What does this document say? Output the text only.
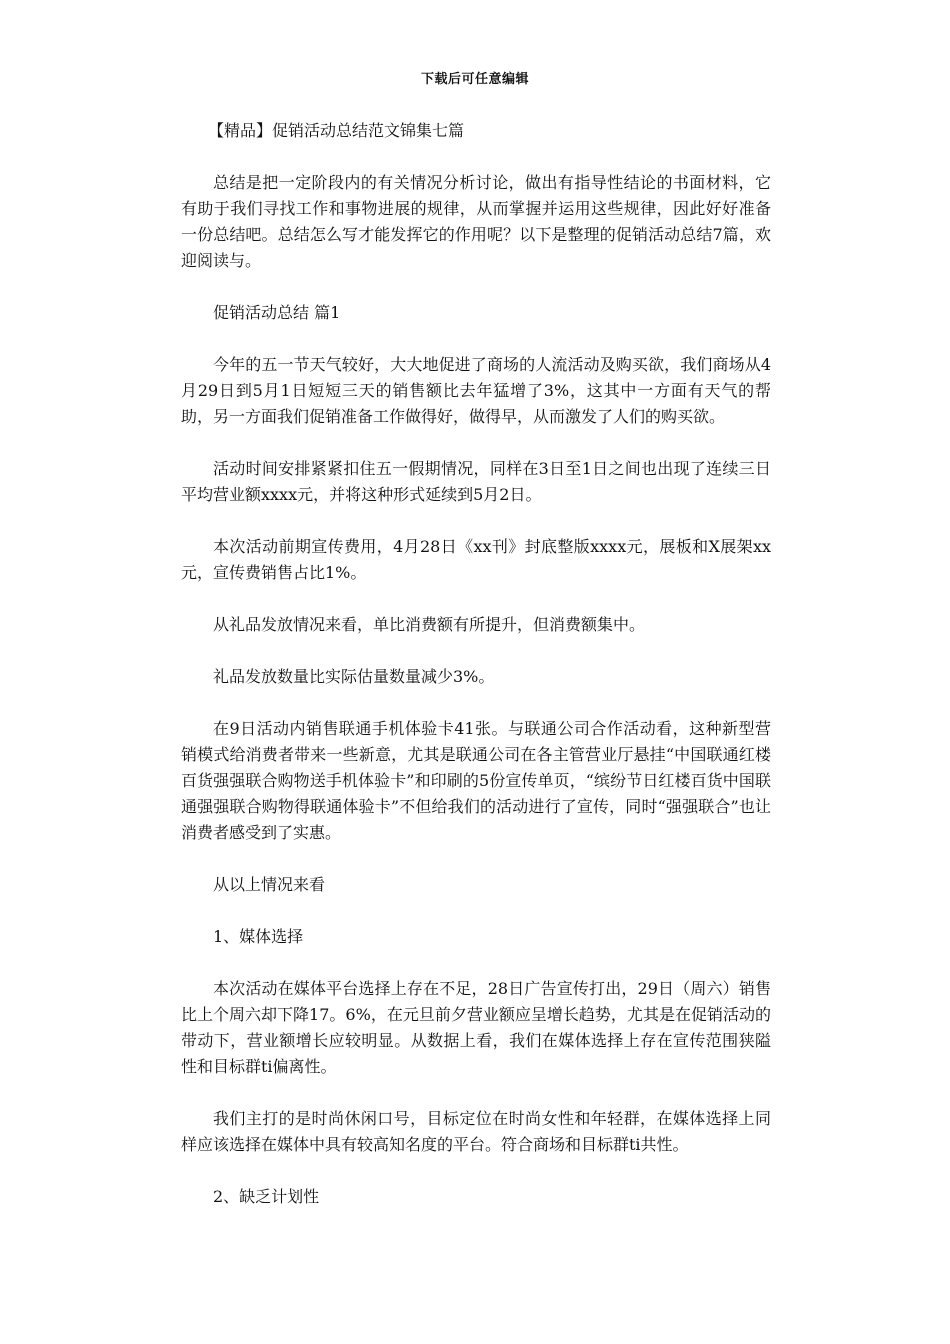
下载后可任意编辑

【精品】促销活动总结范文锦集七篇

总结是把一定阶段内的有关情况分析讨论，做出有指导性结论的书面材料，它有助于我们寻找工作和事物进展的规律，从而掌握并运用这些规律，因此好好准备一份总结吧。总结怎么写才能发挥它的作用呢？以下是整理的促销活动总结7篇，欢迎阅读与。

促销活动总结 篇1

今年的五一节天气较好，大大地促进了商场的人流活动及购买欲，我们商场从4月29日到5月1日短短三天的销售额比去年猛增了3%，这其中一方面有天气的帮助，另一方面我们促销准备工作做得好，做得早，从而激发了人们的购买欲。

活动时间安排紧紧扣住五一假期情况，同样在3日至1日之间也出现了连续三日平均营业额xxxx元，并将这种形式延续到5月2日。

本次活动前期宣传费用，4月28日《xx刊》封底整版xxxx元，展板和X展架xx元，宣传费销售占比1%。

从礼品发放情况来看，单比消费额有所提升，但消费额集中。

礼品发放数量比实际估量数量减少3%。

在9日活动内销售联通手机体验卡41张。与联通公司合作活动看，这种新型营销模式给消费者带来一些新意，尤其是联通公司在各主管营业厅悬挂“中国联通红楼百货强强联合购物送手机体验卡”和印刷的5份宣传单页，“缤纷节日红楼百货中国联通强强联合购物得联通体验卡”不但给我们的活动进行了宣传，同时“强强联合”也让消费者感受到了实惠。

从以上情况来看

1、媒体选择

本次活动在媒体平台选择上存在不足，28日广告宣传打出，29日（周六）销售比上个周六却下降17。6%，在元旦前夕营业额应呈增长趋势，尤其是在促销活动的带动下，营业额增长应较明显。从数据上看，我们在媒体选择上存在宣传范围狭隘性和目标群ti偏离性。

我们主打的是时尚休闲口号，目标定位在时尚女性和年轻群，在媒体选择上同样应该选择在媒体中具有较高知名度的平台。符合商场和目标群ti共性。

2、缺乏计划性
